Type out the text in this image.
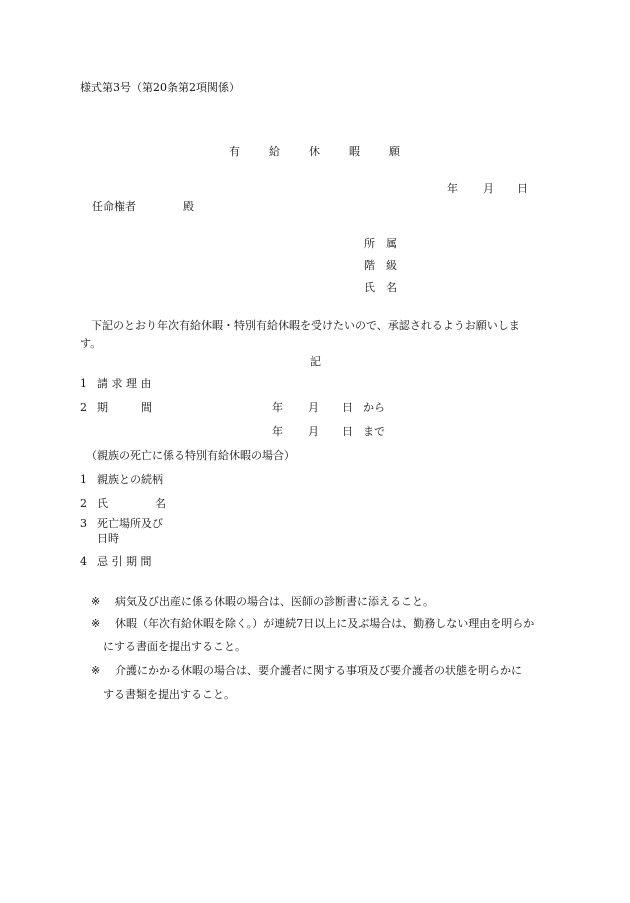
様式第3号（第20条第2項関係）
有	給	休	暇	願
年 月 日
任命権者	殿
所　属
階　級
氏　名
下記のとおり年次有給休暇・特別有給休暇を受けたいので、承認されるようお願いしま
す。
記
1 請 求 理 由
2 期　　　間	年 月 日 から
年 月 日 まで
（親族の死亡に係る特別有給休暇の場合）
1 親族との続柄
2 氏	名
3 死亡場所及び
日時
4 忌 引 期 間
※ 病気及び出産に係る休暇の場合は、医師の診断書に添えること。
※ 休暇（年次有給休暇を除く。）が連続7日以上に及ぶ場合は、勤務しない理由を明らか
にする書面を提出すること。
※ 介護にかかる休暇の場合は、要介護者に関する事項及び要介護者の状態を明らかに
する書類を提出すること。
